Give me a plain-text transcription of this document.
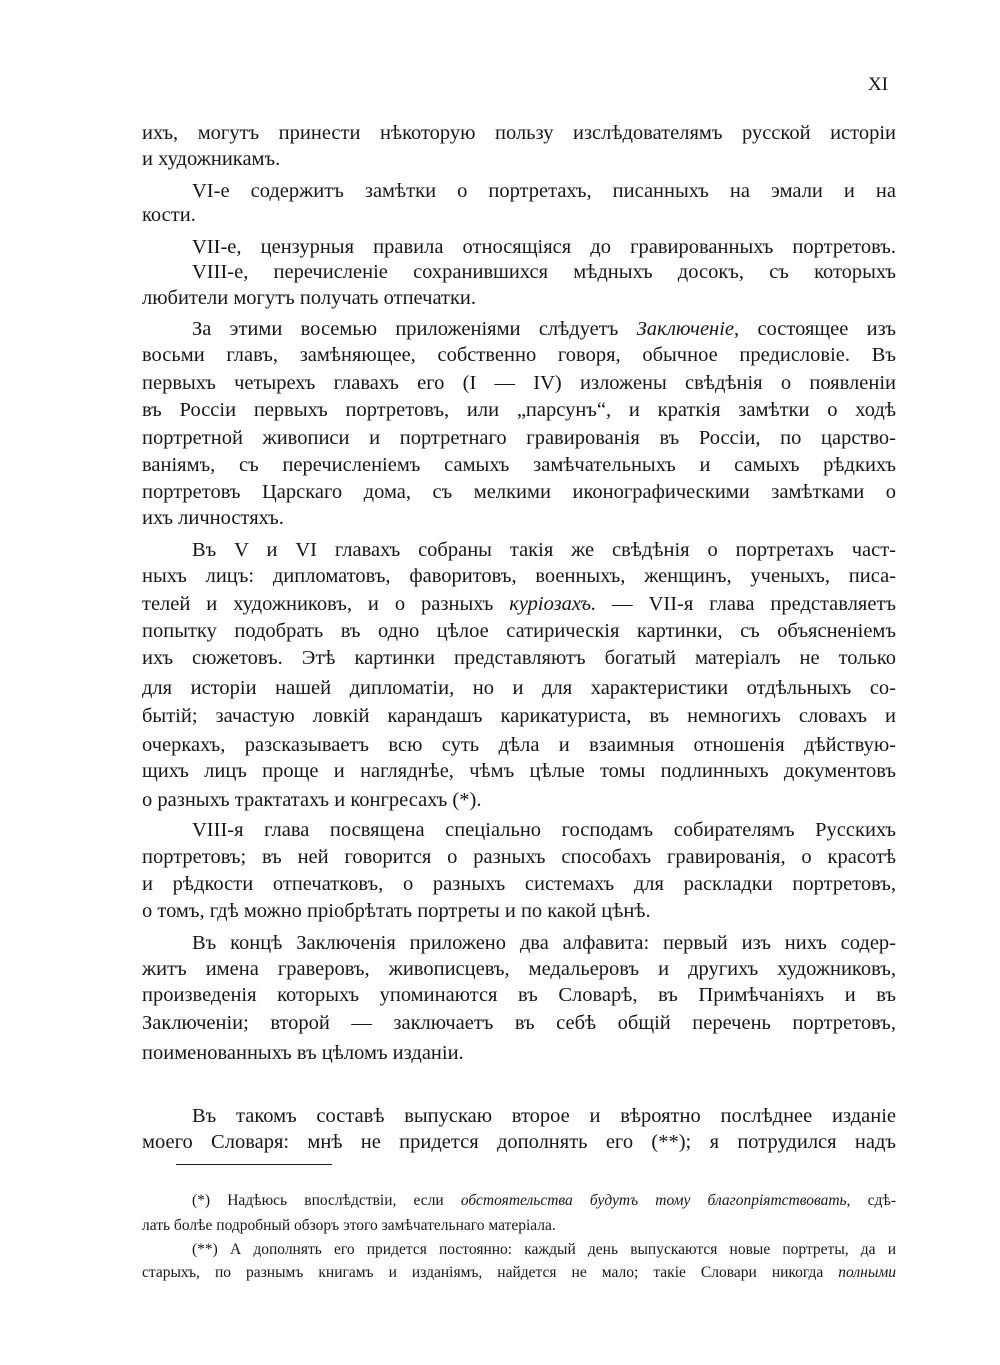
XI
ихъ, могутъ принести нѣкоторую пользу изслѣдователямъ русской исторiи
и художникамъ.
VI-е содержитъ замѣтки о портретахъ, писанныхъ на эмали и на
кости.
VII-е, цензурныя правила относящiяся до гравированныхъ портретовъ.
VIII-е, перечисленiе сохранившихся мѣдныхъ досокъ, съ которыхъ
любители могутъ получать отпечатки.
За этими восемью приложенiями слѣдуетъ Заключенiе, состоящее изъ
восьми главъ, замѣняющее, собственно говоря, обычное предисловiе. Въ
первыхъ четырехъ главахъ его (I — IV) изложены свѣдѣнiя о появленiи
въ Россiи первыхъ портретовъ, или „парсунъ“, и краткiя замѣтки о ходѣ
портретной живописи и портретнаго гравированiя въ Россiи, по царство-
ванiямъ, съ перечисленiемъ самыхъ замѣчательныхъ и самыхъ рѣдкихъ
портретовъ Царскаго дома, съ мелкими иконографическими замѣтками о
ихъ личностяхъ.
Въ V и VI главахъ собраны такiя же свѣдѣнiя о портретахъ част-
ныхъ лицъ: дипломатовъ, фаворитовъ, военныхъ, женщинъ, ученыхъ, писа-
телей и художниковъ, и о разныхъ курiозахъ. — VII-я глава представляетъ
попытку подобрать въ одно цѣлое сатирическiя картинки, съ объясненiемъ
ихъ сюжетовъ. Этѣ картинки представляютъ богатый матерiалъ не только
для исторiи нашей дипломатiи, но и для характеристики отдѣльныхъ со-
бытiй; зачастую ловкiй карандашъ карикатуриста, въ немногихъ словахъ и
очеркахъ, разсказываетъ всю суть дѣла и взаимныя отношенiя дѣйствую-
щихъ лицъ проще и нагляднѣе, чѣмъ цѣлые томы подлинныхъ документовъ
о разныхъ трактатахъ и конгресахъ (*).
VIII-я глава посвящена спецiально господамъ собирателямъ Русскихъ
портретовъ; въ ней говорится о разныхъ способахъ гравированiя, о красотѣ
и рѣдкости отпечатковъ, о разныхъ системахъ для раскладки портретовъ,
о томъ, гдѣ можно прiобрѣтать портреты и по какой цѣнѣ.
Въ концѣ Заключенiя приложено два алфавита: первый изъ нихъ содер-
житъ имена граверовъ, живописцевъ, медальеровъ и другихъ художниковъ,
произведенiя которыхъ упоминаются въ Словарѣ, въ Примѣчанiяхъ и въ
Заключенiи; второй — заключаетъ въ себѣ общiй перечень портретовъ,
поименованныхъ въ цѣломъ изданiи.
Въ такомъ составѣ выпускаю второе и вѣроятно послѣднее изданiе
моего Словаря: мнѣ не придется дополнять его (**); я потрудился надъ
(*) Надѣюсь впослѣдствiи, если обстоятельства будутъ тому благопрiятствовать, сдѣ-
лать болѣе подробный обзоръ этого замѣчательнаго матерiала.
(**) А дополнять его придется постоянно: каждый день выпускаются новые портреты, да и
старыхъ, по разнымъ книгамъ и изданiямъ, найдется не мало; такiе Словари никогда полными
